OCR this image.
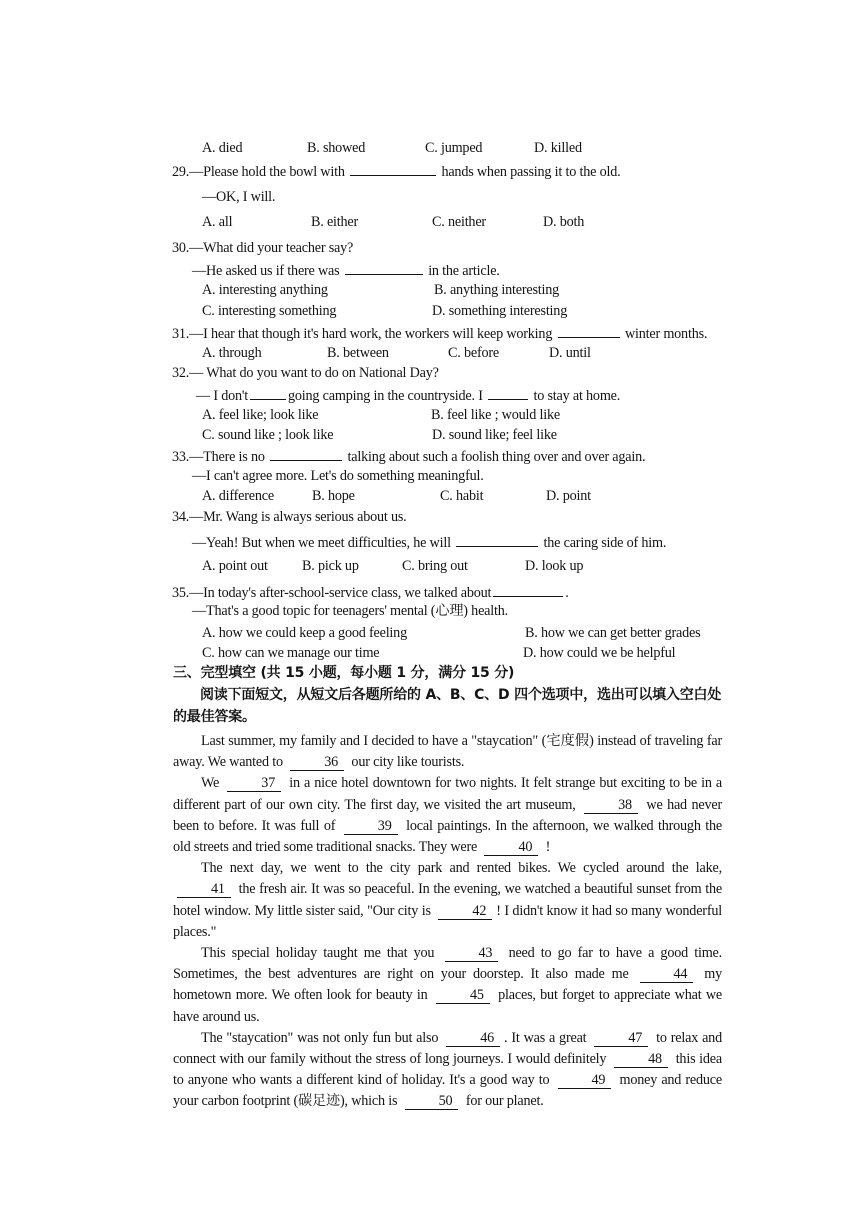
A. died	B. showed	C. jumped	D. killed
29.—Please hold the bowl with	hands when passing it to the old.
—OK, I will.
A. all	B. either	C. neither	D. both
30.—What did your teacher say?
—He asked us if there was	in the article.
A. interesting anything	B. anything interesting
C. interesting something	D. something interesting
31.—I hear that though it's hard work, the workers will keep working	winter months.
A. through	B. between	C. before	D. until
32.— What do you want to do on National Day?
— I don't	going camping in the countryside. I	to stay at home.
A. feel like; look like	B. feel like ; would like
C. sound like ; look like	D. sound like; feel like
33.—There is no	talking about such a foolish thing over and over again.
—I can't agree more. Let's do something meaningful.
A. difference	B. hope	C. habit	D. point
34.—Mr. Wang is always serious about us.
—Yeah! But when we meet difficulties, he will	the caring side of him.
A. point out B. pick up	C. bring out	D. look up
35.—In today's after-school-service class, we talked about	.
—That's a good topic for teenagers' mental (心理) health.
A. how we could keep a good feeling	B. how we can get better grades
C. how can we manage our time	D. how could we be helpful
三、完型填空 (共 15 小题，每小题 1 分，满分 15 分)
阅读下面短文，从短文后各题所给的 A、B、C、D 四个选项中，选出可以填入空白处
的最佳答案。

Last summer, my family and I decided to have a "staycation" (宅度假) instead of traveling far away. We wanted to	36 our city like tourists.

We	37 in a nice hotel downtown for two nights. It felt strange but exciting to be in a different part of our own city. The first day, we visited the art museum,	38 we had never been to before. It was full of	39 local paintings. In the afternoon, we walked through the old streets and tried some traditional snacks. They were	40 !

The next day, we went to the city park and rented bikes. We cycled around the lake, 41 the fresh air. It was so peaceful. In the evening, we watched a beautiful sunset from the hotel window. My little sister said, "Our city is	42 ! I didn't know it had so many wonderful places."

This special holiday taught me that you	43 need to go far to have a good time. Sometimes, the best adventures are right on your doorstep. It also made me	44 my hometown more. We often look for beauty in	45 places, but forget to appreciate what we have around us.

The "staycation" was not only fun but also	46 . It was a great	47 to relax and connect with our family without the stress of long journeys. I would definitely	48 this idea to anyone who wants a different kind of holiday. It's a good way to	49 money and reduce your carbon footprint (碳足迹), which is	50 for our planet.
